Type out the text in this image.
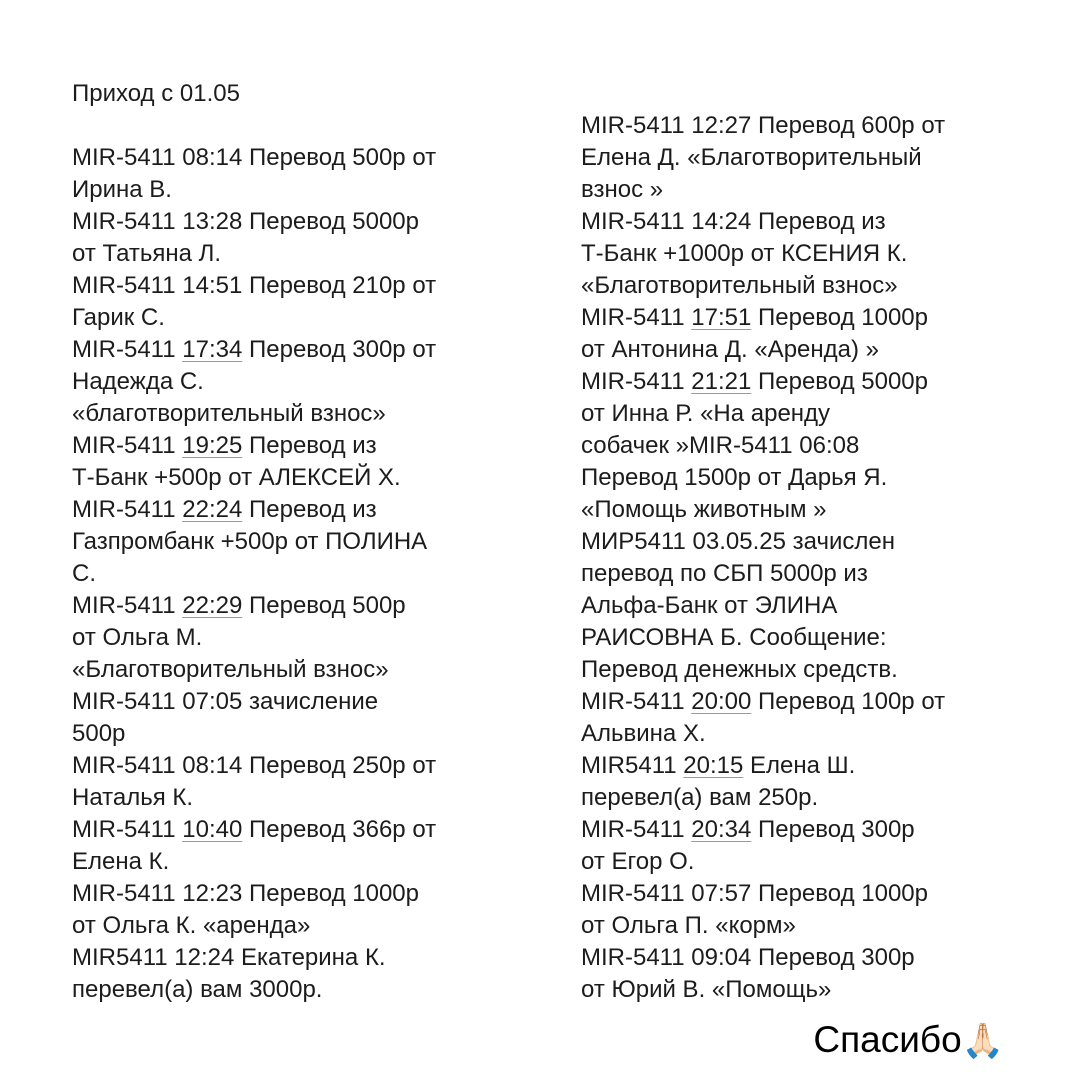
Приход с 01.05
MIR-5411 08:14 Перевод 500р от
Ирина В.
MIR-5411 13:28 Перевод 5000р
от Татьяна Л.
MIR-5411 14:51 Перевод 210р от
Гарик С.
MIR-5411 17:34 Перевод 300р от
Надежда С.
«благотворительный взнос»
MIR-5411 19:25 Перевод из
Т-Банк +500р от АЛЕКСЕЙ Х.
MIR-5411 22:24 Перевод из
Газпромбанк +500р от ПОЛИНА
С.
MIR-5411 22:29 Перевод 500р
от Ольга М.
«Благотворительный взнос»
MIR-5411 07:05 зачисление
500р
MIR-5411 08:14 Перевод 250р от
Наталья К.
MIR-5411 10:40 Перевод 366р от
Елена К.
MIR-5411 12:23 Перевод 1000р
от Ольга К. «аренда»
MIR5411 12:24 Екатерина К.
перевел(а) вам 3000р.
MIR-5411 12:27 Перевод 600р от
Елена Д. «Благотворительный
взнос »
MIR-5411 14:24 Перевод из
Т-Банк +1000р от КСЕНИЯ К.
«Благотворительный взнос»
MIR-5411 17:51 Перевод 1000р
от Антонина Д. «Аренда) »
MIR-5411 21:21 Перевод 5000р
от Инна Р. «На аренду
собачек »MIR-5411 06:08
Перевод 1500р от Дарья Я.
«Помощь животным »
МИР5411 03.05.25 зачислен
перевод по СБП 5000р из
Альфа-Банк от ЭЛИНА
РАИСОВНА Б. Сообщение:
Перевод денежных средств.
MIR-5411 20:00 Перевод 100р от
Альвина Х.
MIR5411 20:15 Елена Ш.
перевел(а) вам 250р.
MIR-5411 20:34 Перевод 300р
от Егор О.
MIR-5411 07:57 Перевод 1000р
от Ольга П. «корм»
MIR-5411 09:04 Перевод 300р
от Юрий В. «Помощь»
Спасибо🙏🏻
